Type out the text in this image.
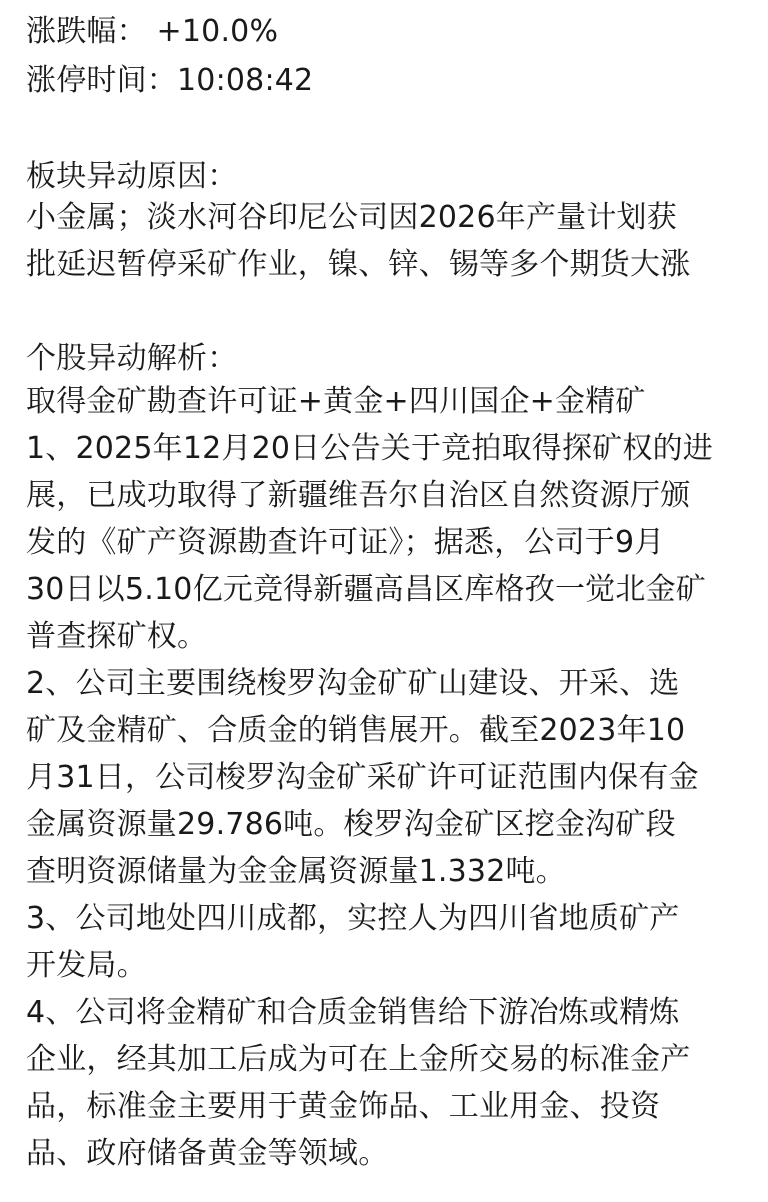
涨跌幅： +10.0%

涨停时间：10:08:42

板块异动原因：

小金属；淡水河谷印尼公司因2026年产量计划获

批延迟暂停采矿作业，镍、锌、锡等多个期货大涨

个股异动解析：

取得金矿勘查许可证+黄金+四川国企+金精矿

1、2025年12月20日公告关于竞拍取得探矿权的进

展，已成功取得了新疆维吾尔自治区自然资源厅颁

发的《矿产资源勘查许可证》；据悉，公司于9月

30日以5.10亿元竞得新疆高昌区库格孜一觉北金矿

普查探矿权。

2、公司主要围绕梭罗沟金矿矿山建设、开采、选

矿及金精矿、合质金的销售展开。截至2023年10

月31日，公司梭罗沟金矿采矿许可证范围内保有金

金属资源量29.786吨。梭罗沟金矿区挖金沟矿段

查明资源储量为金金属资源量1.332吨。

3、公司地处四川成都，实控人为四川省地质矿产

开发局。

4、公司将金精矿和合质金销售给下游冶炼或精炼

企业，经其加工后成为可在上金所交易的标准金产

品，标准金主要用于黄金饰品、工业用金、投资

品、政府储备黄金等领域。
